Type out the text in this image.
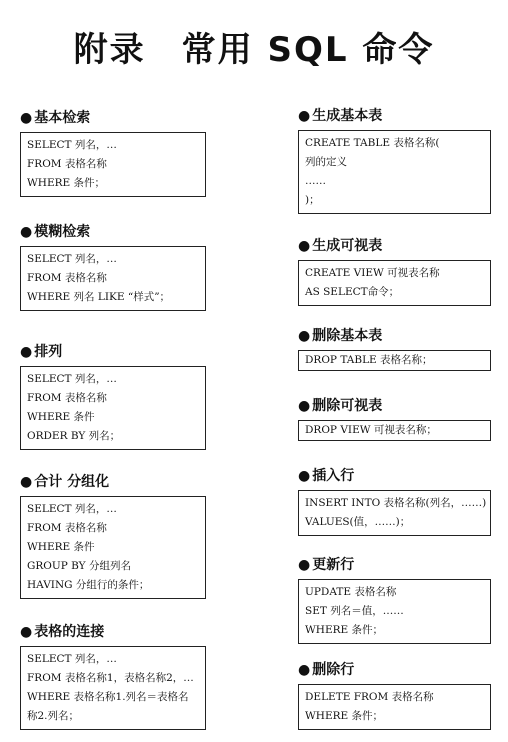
附录　常用 SQL 命令
● 基本检索
SELECT 列名，…
FROM 表格名称
WHERE 条件；
● 模糊检索
SELECT 列名，…
FROM 表格名称
WHERE 列名 LIKE “样式”；
● 排列
SELECT 列名，…
FROM 表格名称
WHERE 条件
ORDER BY 列名；
● 合计 分组化
SELECT 列名，…
FROM 表格名称
WHERE 条件
GROUP BY 分组列名
HAVING 分组行的条件；
● 表格的连接
SELECT 列名，…
FROM 表格名称1，表格名称2，…
WHERE 表格名称1.列名＝表格名
称2.列名；
● 生成基本表
CREATE TABLE 表格名称(
列的定义
……
)；
● 生成可视表
CREATE VIEW 可视表名称
AS SELECT命令；
● 删除基本表
DROP TABLE 表格名称；
● 删除可视表
DROP VIEW 可视表名称；
● 插入行
INSERT INTO 表格名称(列名，……)
VALUES(值，……)；
● 更新行
UPDATE 表格名称
SET 列名＝值，……
WHERE 条件；
● 删除行
DELETE FROM 表格名称
WHERE 条件；
